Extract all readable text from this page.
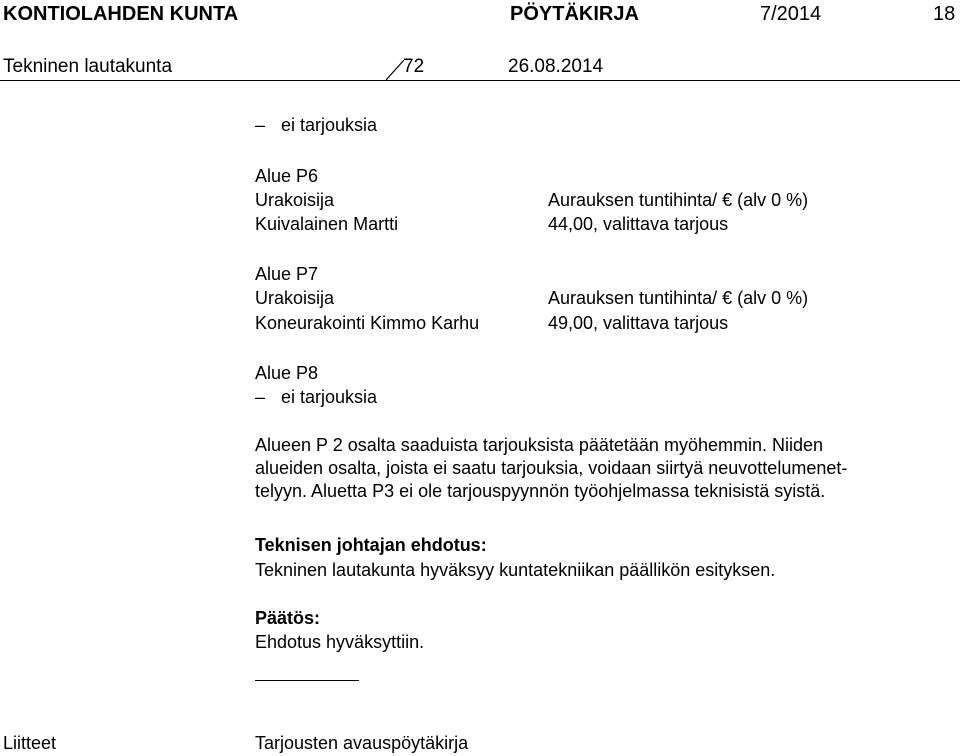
KONTIOLAHDEN KUNTA	PÖYTÄKIRJA	7/2014	18
Tekninen lautakunta	72	26.08.2014
– ei tarjouksia
Alue P6
Urakoisija	Aurauksen tuntihinta/ € (alv 0 %)
Kuivalainen Martti	44,00, valittava tarjous
Alue P7
Urakoisija	Aurauksen tuntihinta/ € (alv 0 %)
Koneurakointi Kimmo Karhu	49,00, valittava tarjous
Alue P8
– ei tarjouksia
Alueen P 2 osalta saaduista tarjouksista päätetään myöhemmin. Niiden
alueiden osalta, joista ei saatu tarjouksia, voidaan siirtyä neuvottelumenet-
telyyn. Aluetta P3 ei ole tarjouspyynnön työohjelmassa teknisistä syistä.
Teknisen johtajan ehdotus:
Tekninen lautakunta hyväksyy kuntatekniikan päällikön esityksen.
Päätös:
Ehdotus hyväksyttiin.
Liitteet	Tarjousten avauspöytäkirja
